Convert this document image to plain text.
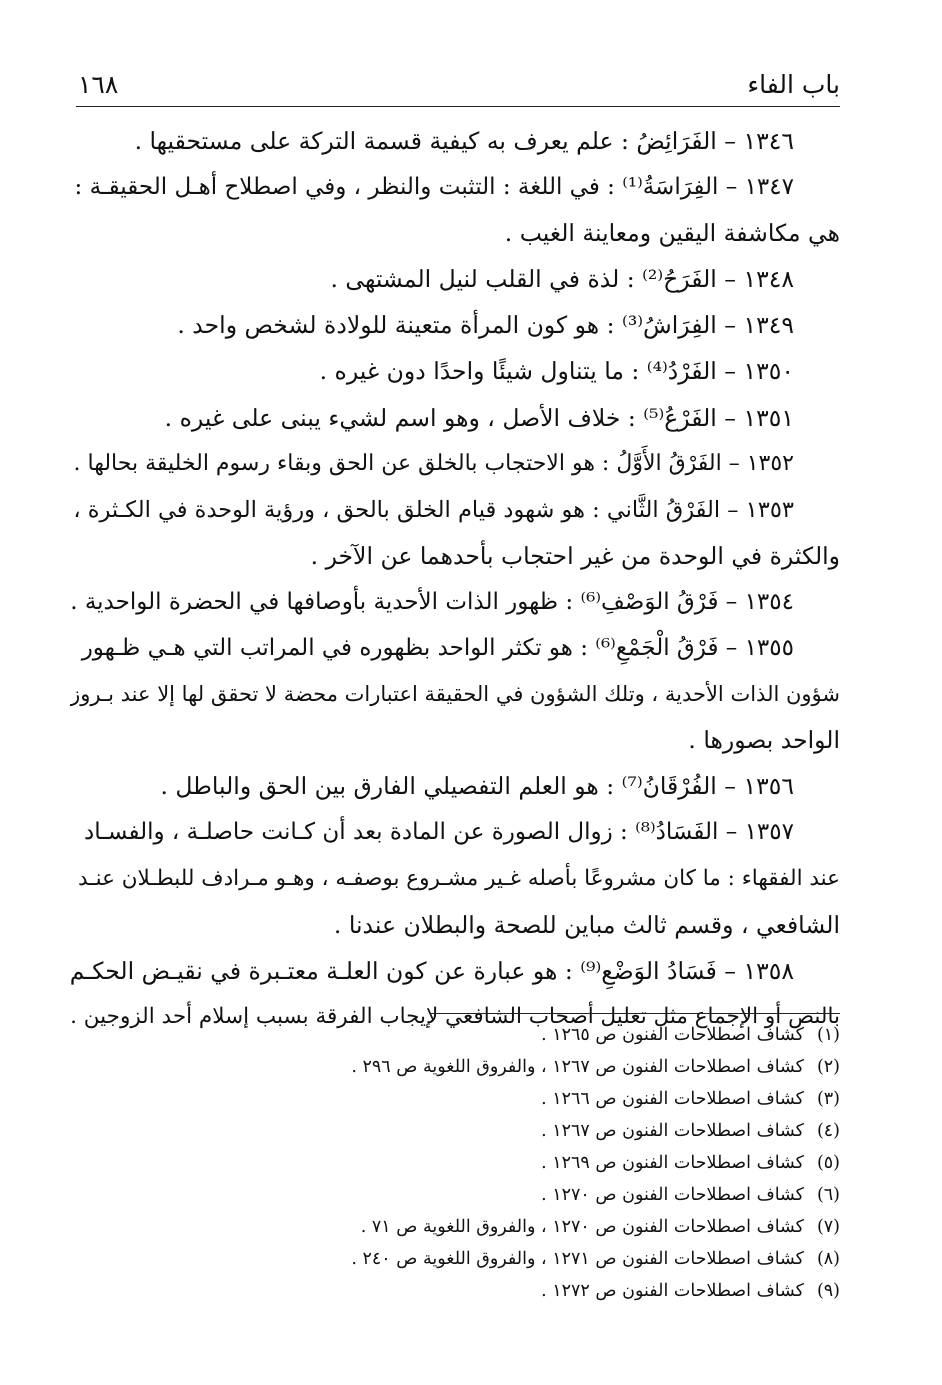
باب الفاء
١٦٨
١٣٤٦ – الفَرَائِضُ : علم يعرف به كيفية قسمة التركة على مستحقيها .
١٣٤٧ – الفِرَاسَةُ⁽¹⁾ : في اللغة : التثبت والنظر ، وفي اصطلاح أهـل الحقيقـة :
هي مكاشفة اليقين ومعاينة الغيب .
١٣٤٨ – الفَرَحُ⁽²⁾ : لذة في القلب لنيل المشتهى .
١٣٤٩ – الفِرَاشُ⁽³⁾ : هو كون المرأة متعينة للولادة لشخص واحد .
١٣٥٠ – الفَرْدُ⁽⁴⁾ : ما يتناول شيئًا واحدًا دون غيره .
١٣٥١ – الفَرْعُ⁽⁵⁾ : خلاف الأصل ، وهو اسم لشيء يبنى على غيره .
١٣٥٢ – الفَرْقُ الأَوَّلُ : هو الاحتجاب بالخلق عن الحق وبقاء رسوم الخليقة بحالها .
١٣٥٣ – الفَرْقُ الثَّاني : هو شهود قيام الخلق بالحق ، ورؤية الوحدة في الكـثرة ،
والكثرة في الوحدة من غير احتجاب بأحدهما عن الآخر .
١٣٥٤ – فَرْقُ الوَصْفِ⁽⁶⁾ : ظهور الذات الأحدية بأوصافها في الحضرة الواحدية .
١٣٥٥ – فَرْقُ الْجَمْعِ⁽⁶⁾ : هو تكثر الواحد بظهوره في المراتب التي هـي ظـهور
شؤون الذات الأحدية ، وتلك الشؤون في الحقيقة اعتبارات محضة لا تحقق لها إلا عند بـروز
الواحد بصورها .
١٣٥٦ – الفُرْقَانُ⁽⁷⁾ : هو العلم التفصيلي الفارق بين الحق والباطل .
١٣٥٧ – الفَسَادُ⁽⁸⁾ : زوال الصورة عن المادة بعد أن كـانت حاصلـة ، والفسـاد
عند الفقهاء : ما كان مشروعًا بأصله غـير مشـروع بوصفـه ، وهـو مـرادف للبطـلان عنـد
الشافعي ، وقسم ثالث مباين للصحة والبطلان عندنا .
١٣٥٨ – فَسَادُ الوَضْعِ⁽⁹⁾ : هو عبارة عن كون العلـة معتـبرة في نقيـض الحكـم
بالنص أو الإجماع مثل تعليل أصحاب الشافعي لإيجاب الفرقة بسبب إسلام أحد الزوجين .
(١)كشاف اصطلاحات الفنون ص ١٢٦٥ .
(٢)كشاف اصطلاحات الفنون ص ١٢٦٧ ، والفروق اللغوية ص ٢٩٦ .
(٣)كشاف اصطلاحات الفنون ص ١٢٦٦ .
(٤)كشاف اصطلاحات الفنون ص ١٢٦٧ .
(٥)كشاف اصطلاحات الفنون ص ١٢٦٩ .
(٦)كشاف اصطلاحات الفنون ص ١٢٧٠ .
(٧)كشاف اصطلاحات الفنون ص ١٢٧٠ ، والفروق اللغوية ص ٧١ .
(٨)كشاف اصطلاحات الفنون ص ١٢٧١ ، والفروق اللغوية ص ٢٤٠ .
(٩)كشاف اصطلاحات الفنون ص ١٢٧٢ .
